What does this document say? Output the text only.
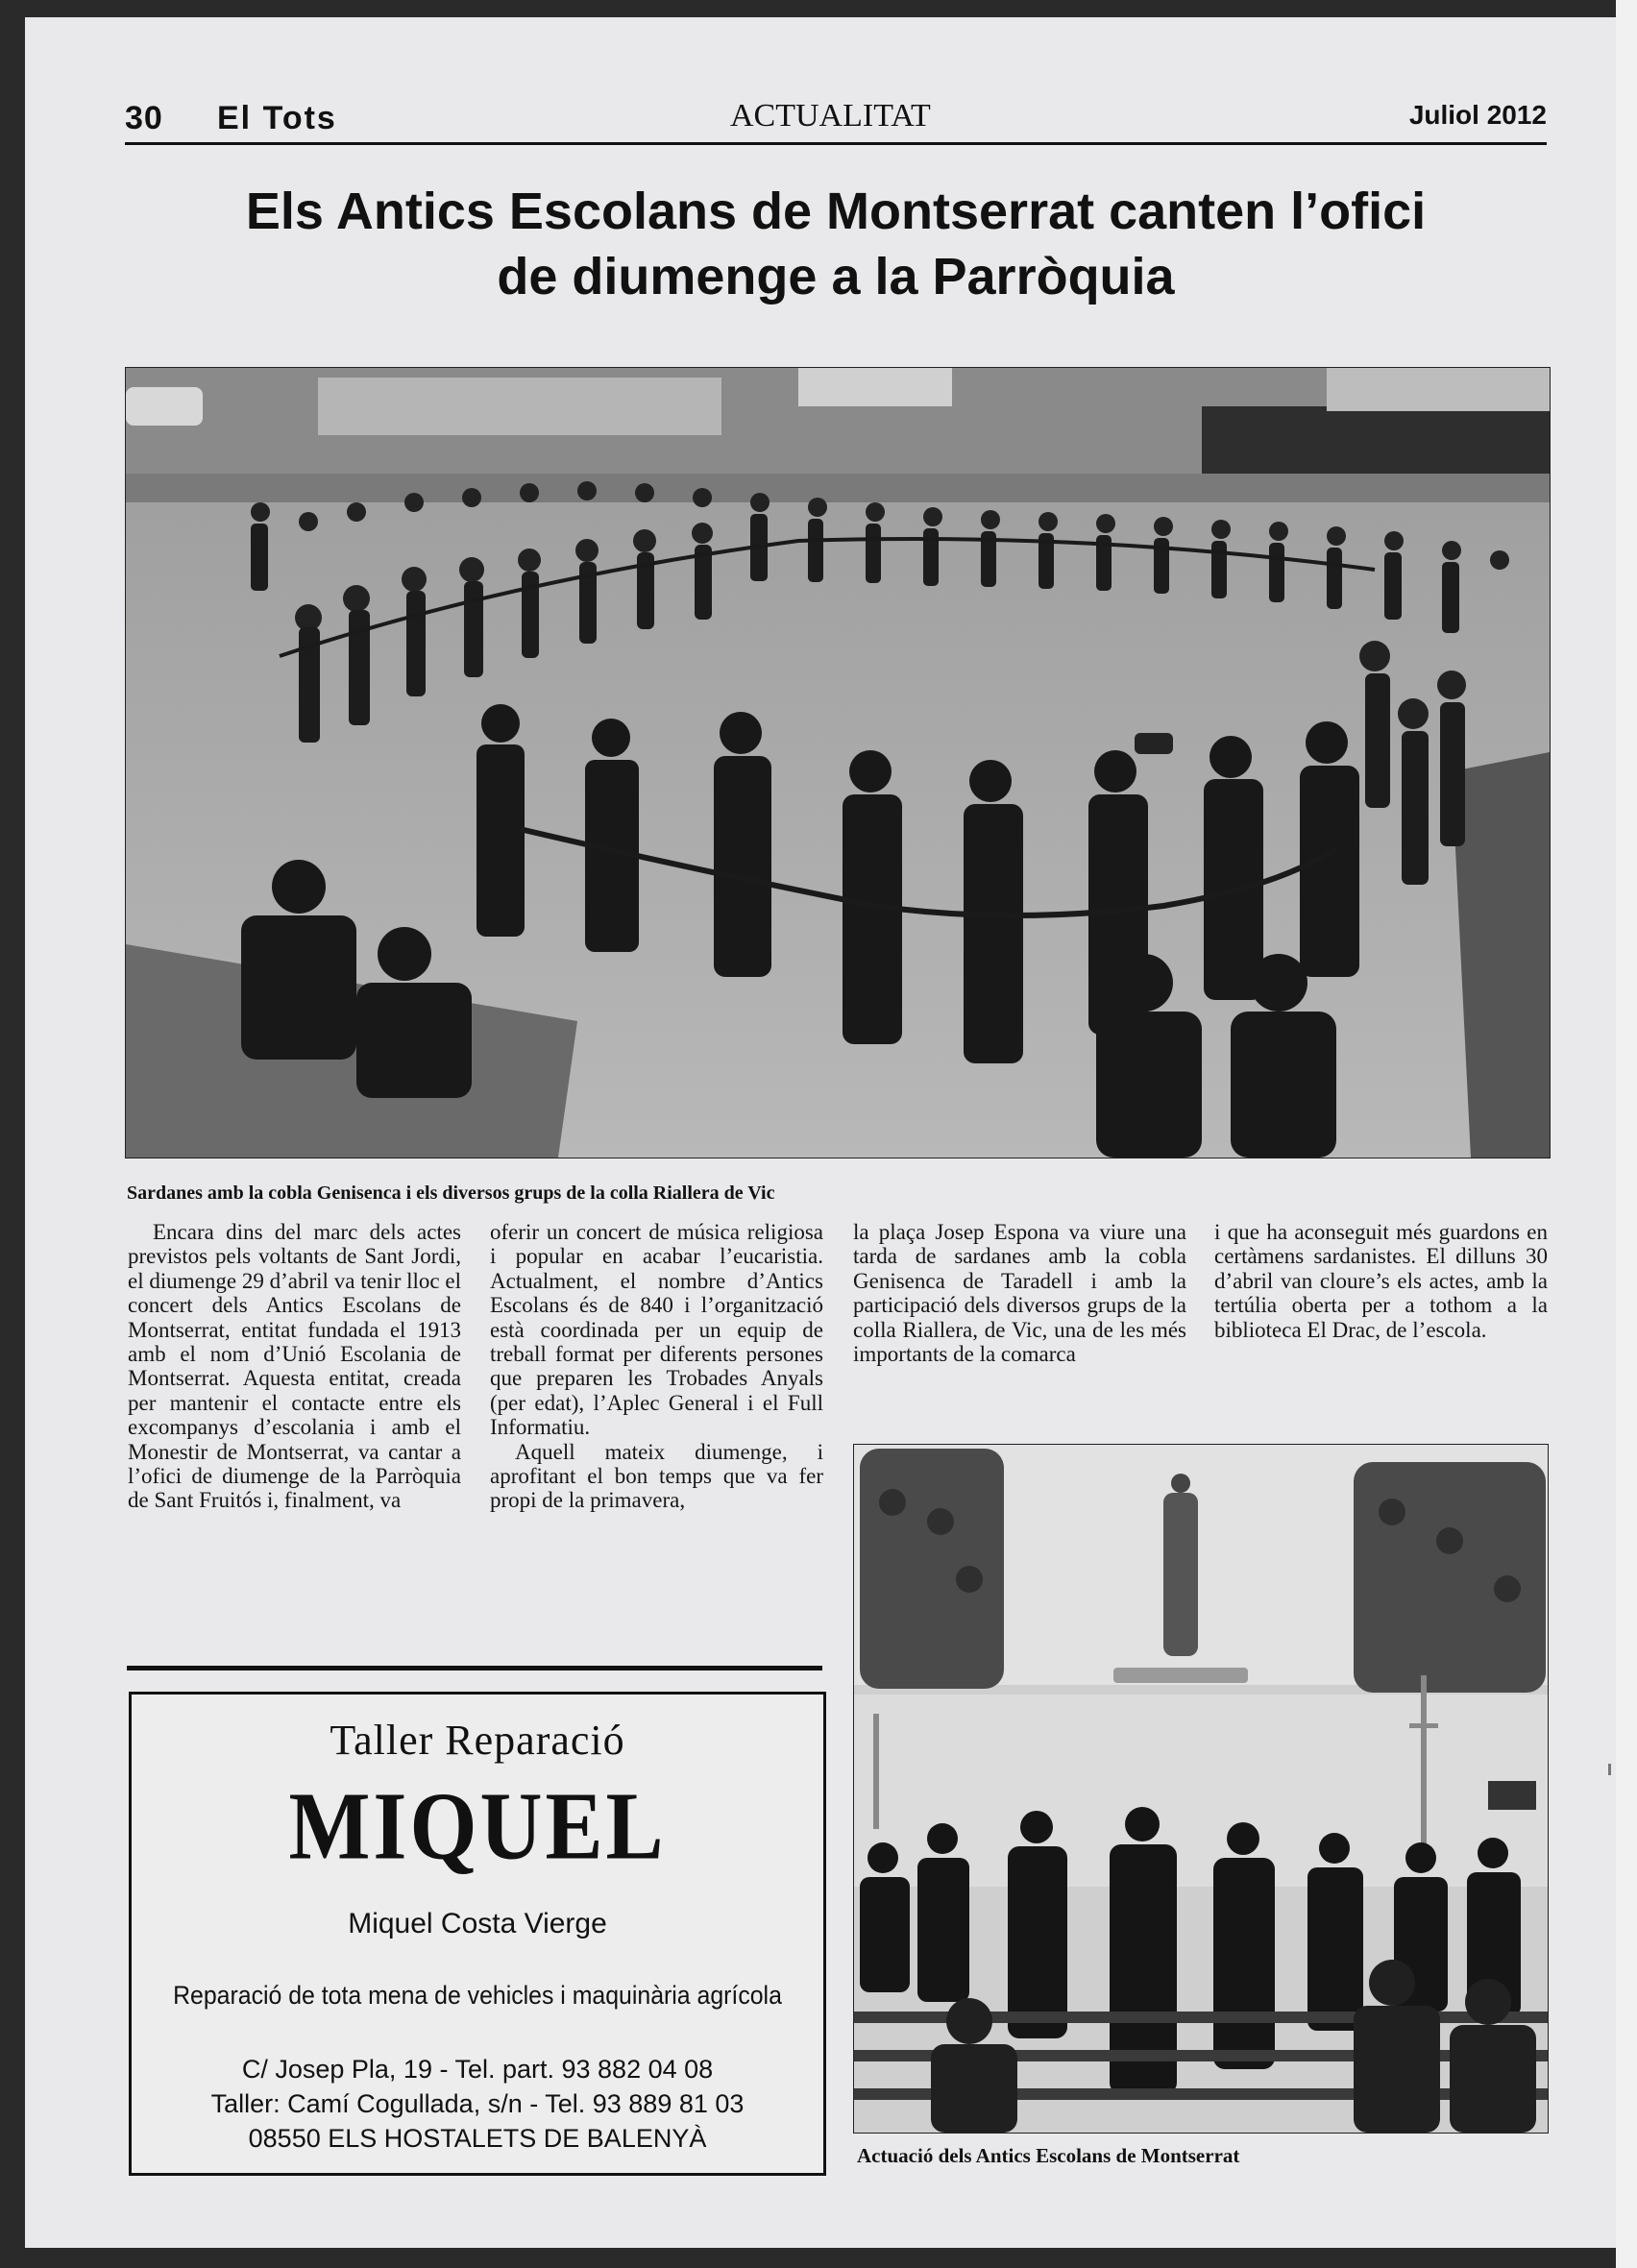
30 El Tots	ACTUALITAT	Juliol 2012
Els Antics Escolans de Montserrat canten l’ofici
de diumenge a la Parròquia
Sardanes amb la cobla Genisenca i els diversos grups de la colla Riallera de Vic

Encara dins del marc dels actes previstos pels voltants de Sant Jordi, el diumenge 29 d’abril va tenir lloc el concert dels Antics Escolans de Montserrat, entitat fundada el 1913 amb el nom d’Unió Escolania de Montserrat. Aquesta entitat, creada per mantenir el contacte entre els excompanys d’escolania i amb el Monestir de Montserrat, va cantar a l’ofici de diumenge de la Parròquia de Sant Fruitós i, finalment, va

oferir un concert de música religiosa i popular en acabar l’eucaristia. Actualment, el nombre d’Antics Escolans és de 840 i l’organització està coordinada per un equip de treball format per diferents persones que preparen les Trobades Anyals (per edat), l’Aplec General i el Full Informatiu.

Aquell mateix diumenge, i aprofitant el bon temps que va fer propi de la primavera,

la plaça Josep Espona va viure una tarda de sardanes amb la cobla Genisenca de Taradell i amb la participació dels diversos grups de la colla Riallera, de Vic, una de les més importants de la comarca

i que ha aconseguit més guardons en certàmens sardanistes. El dilluns 30 d’abril van cloure’s els actes, amb la tertúlia oberta per a tothom a la biblioteca El Drac, de l’escola.

Taller Reparació
MIQUEL
Miquel Costa Vierge
Reparació de tota mena de vehicles i maquinària agrícola
C/ Josep Pla, 19 - Tel. part. 93 882 04 08
Taller: Camí Cogullada, s/n - Tel. 93 889 81 03
08550 ELS HOSTALETS DE BALENYÀ
Actuació dels Antics Escolans de Montserrat
